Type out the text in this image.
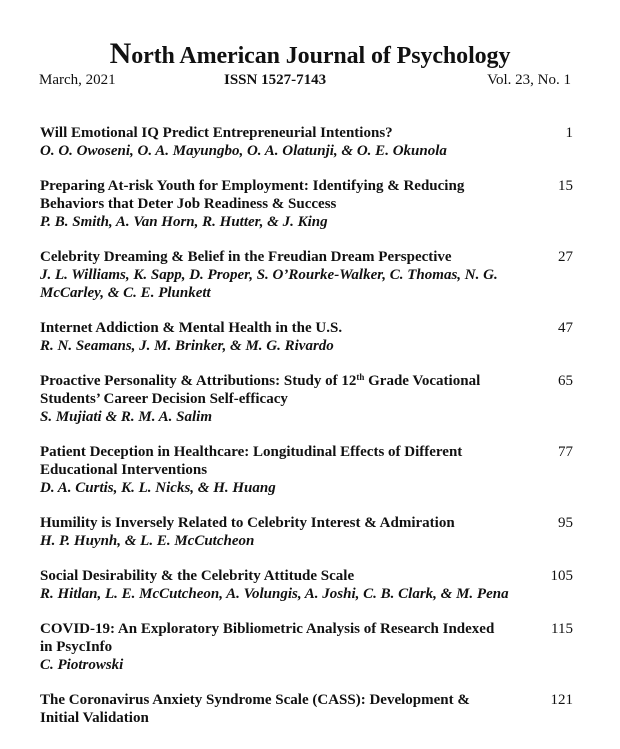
North American Journal of Psychology
March, 2021	ISSN 1527-7143	Vol. 23, No. 1
Will Emotional IQ Predict Entrepreneurial Intentions?
O. O. Owoseni, O. A. Mayungbo, O. A. Olatunji, & O. E. Okunola
1
Preparing At-risk Youth for Employment: Identifying & Reducing Behaviors that Deter Job Readiness & Success
P. B. Smith, A. Van Horn, R. Hutter, & J. King
15
Celebrity Dreaming & Belief in the Freudian Dream Perspective
J. L. Williams, K. Sapp, D. Proper, S. O’Rourke-Walker, C. Thomas, N. G. McCarley, & C. E. Plunkett
27
Internet Addiction & Mental Health in the U.S.
R. N. Seamans, J. M. Brinker, & M. G. Rivardo
47
Proactive Personality & Attributions: Study of 12th Grade Vocational Students’ Career Decision Self-efficacy
S. Mujiati & R. M. A. Salim
65
Patient Deception in Healthcare: Longitudinal Effects of Different Educational Interventions
D. A. Curtis, K. L. Nicks, & H. Huang
77
Humility is Inversely Related to Celebrity Interest & Admiration
H. P. Huynh, & L. E. McCutcheon
95
Social Desirability & the Celebrity Attitude Scale
R. Hitlan, L. E. McCutcheon, A. Volungis, A. Joshi, C. B. Clark, & M. Pena
105
COVID-19: An Exploratory Bibliometric Analysis of Research Indexed in PsycInfo
C. Piotrowski
115
The Coronavirus Anxiety Syndrome Scale (CASS): Development & Initial Validation
121
